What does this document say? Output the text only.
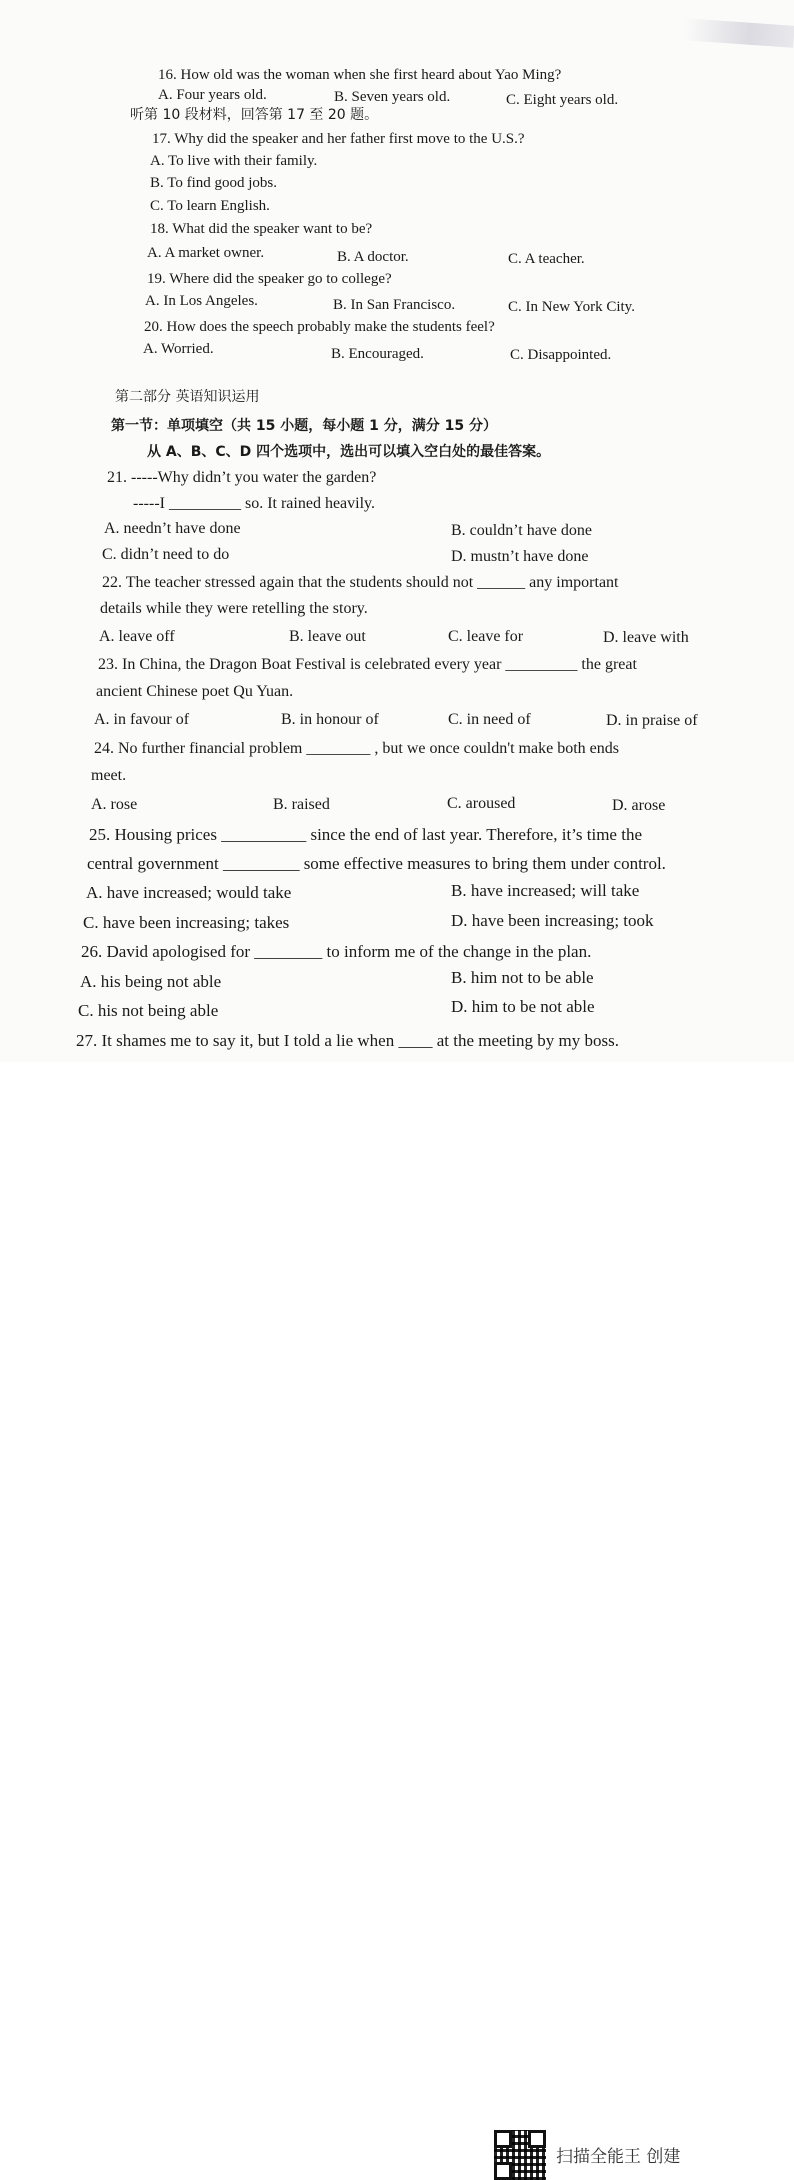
16. How old was the woman when she first heard about Yao Ming?
A. Four years old.	B. Seven years old.	C. Eight years old.
听第 10 段材料，回答第 17 至 20 题。
17. Why did the speaker and her father first move to the U.S.?
A. To live with their family.
B. To find good jobs.
C. To learn English.
18. What did the speaker want to be?
A. A market owner.	B. A doctor.	C. A teacher.
19. Where did the speaker go to college?
A. In Los Angeles.	B. In San Francisco.	C. In New York City.
20. How does the speech probably make the students feel?
A. Worried.	B. Encouraged.	C. Disappointed.
第二部分 英语知识运用
第一节：单项填空（共 15 小题，每小题 1 分，满分 15 分）
从 A、B、C、D 四个选项中，选出可以填入空白处的最佳答案。
21. -----Why didn’t you water the garden?
-----I _________ so. It rained heavily.
A. needn’t have done	B. couldn’t have done
C. didn’t need to do	D. mustn’t have done
22. The teacher stressed again that the students should not ______ any important
details while they were retelling the story.
A. leave off	B. leave out	C. leave for	D. leave with
23. In China, the Dragon Boat Festival is celebrated every year _________ the great
ancient Chinese poet Qu Yuan.
A. in favour of	B. in honour of	C. in need of	D. in praise of
24. No further financial problem ________ , but we once couldn't make both ends
meet.
A. rose	B. raised	C. aroused	D. arose
25. Housing prices __________ since the end of last year. Therefore, it’s time the
central government _________ some effective measures to bring them under control.
A. have increased; would take	B. have increased; will take
C. have been increasing; takes	D. have been increasing; took
26. David apologised for ________ to inform me of the change in the plan.
A. his being not able	B. him not to be able
C. his not being able	D. him to be not able
27. It shames me to say it, but I told a lie when ____ at the meeting by my boss.
扫描全能王 创建
